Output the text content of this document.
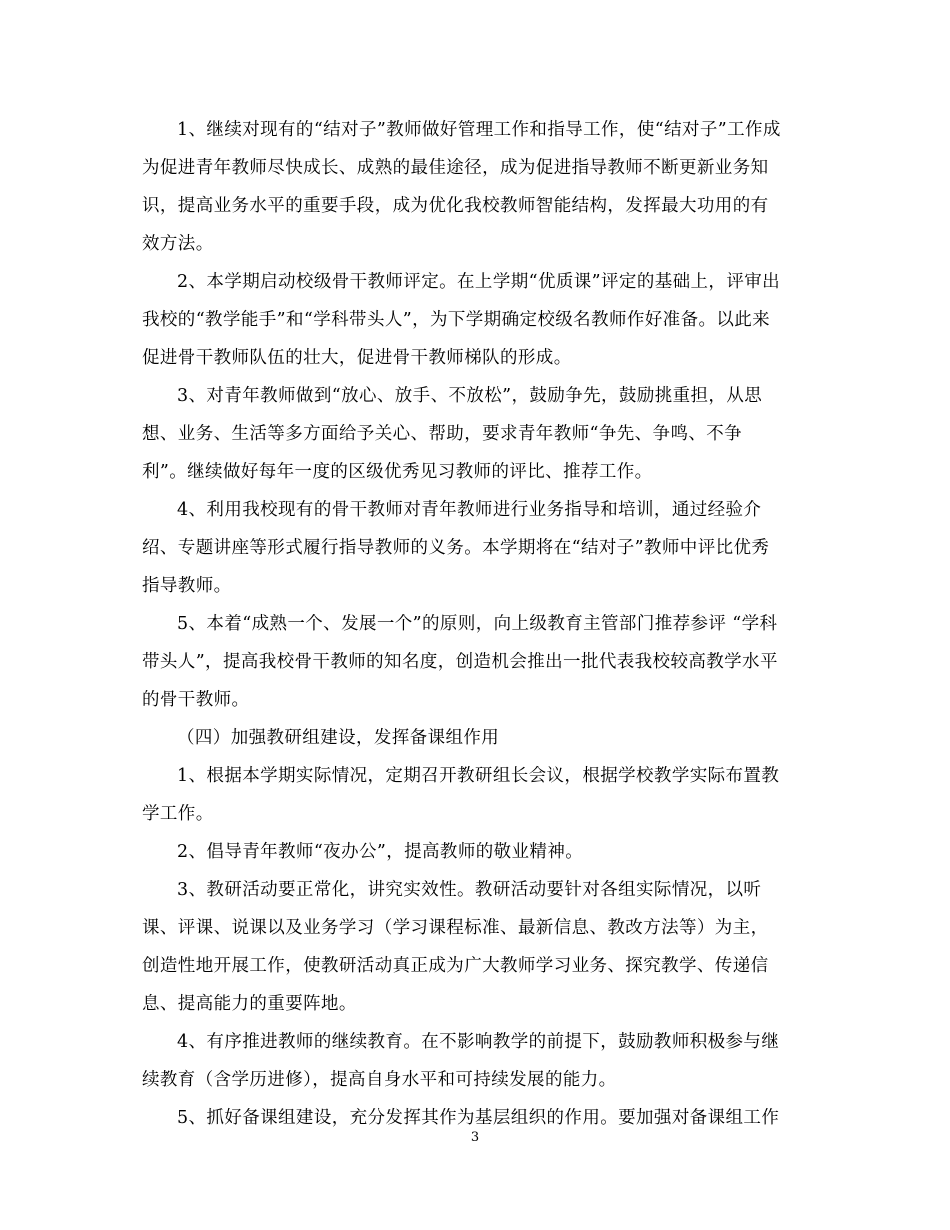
1、继续对现有的“结对子”教师做好管理工作和指导工作，使“结对子”工作成
为促进青年教师尽快成长、成熟的最佳途径，成为促进指导教师不断更新业务知
识，提高业务水平的重要手段，成为优化我校教师智能结构，发挥最大功用的有
效方法。
2、本学期启动校级骨干教师评定。在上学期“优质课”评定的基础上，评审出
我校的“教学能手”和“学科带头人”，为下学期确定校级名教师作好准备。以此来
促进骨干教师队伍的壮大，促进骨干教师梯队的形成。
3、对青年教师做到“放心、放手、不放松”，鼓励争先，鼓励挑重担，从思
想、业务、生活等多方面给予关心、帮助，要求青年教师“争先、争鸣、不争
利”。继续做好每年一度的区级优秀见习教师的评比、推荐工作。
4、利用我校现有的骨干教师对青年教师进行业务指导和培训，通过经验介
绍、专题讲座等形式履行指导教师的义务。本学期将在“结对子”教师中评比优秀
指导教师。
5、本着“成熟一个、发展一个”的原则，向上级教育主管部门推荐参评 “学科
带头人”，提高我校骨干教师的知名度，创造机会推出一批代表我校较高教学水平
的骨干教师。
（四）加强教研组建设，发挥备课组作用
1、根据本学期实际情况，定期召开教研组长会议，根据学校教学实际布置教
学工作。
2、倡导青年教师“夜办公”，提高教师的敬业精神。
3、教研活动要正常化，讲究实效性。教研活动要针对各组实际情况，以听
课、评课、说课以及业务学习（学习课程标准、最新信息、教改方法等）为主，
创造性地开展工作，使教研活动真正成为广大教师学习业务、探究教学、传递信
息、提高能力的重要阵地。
4、有序推进教师的继续教育。在不影响教学的前提下，鼓励教师积极参与继
续教育（含学历进修），提高自身水平和可持续发展的能力。
5、抓好备课组建设，充分发挥其作为基层组织的作用。要加强对备课组工作
3
